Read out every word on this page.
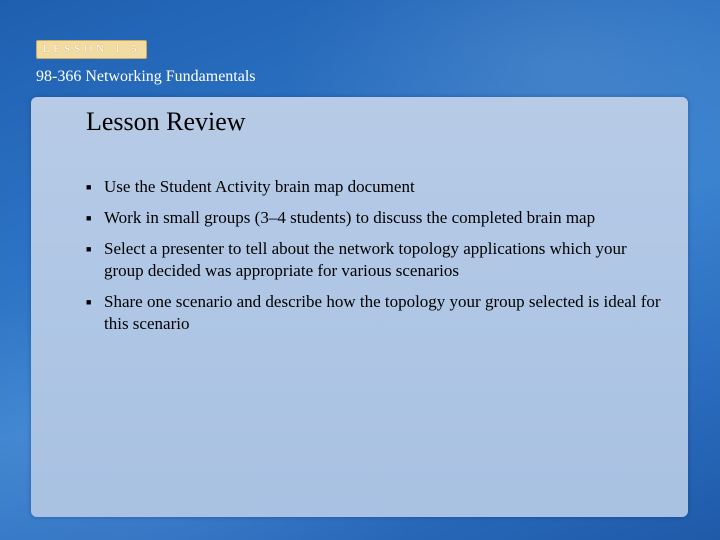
LESSON 1.5
98-366 Networking Fundamentals
Lesson Review
■ Use the Student Activity brain map document
■ Work in small groups (3–4 students) to discuss the completed brain map
■ Select a presenter to tell about the network topology applications which your group decided was appropriate for various scenarios
■ Share one scenario and describe how the topology your group selected is ideal for this scenario
